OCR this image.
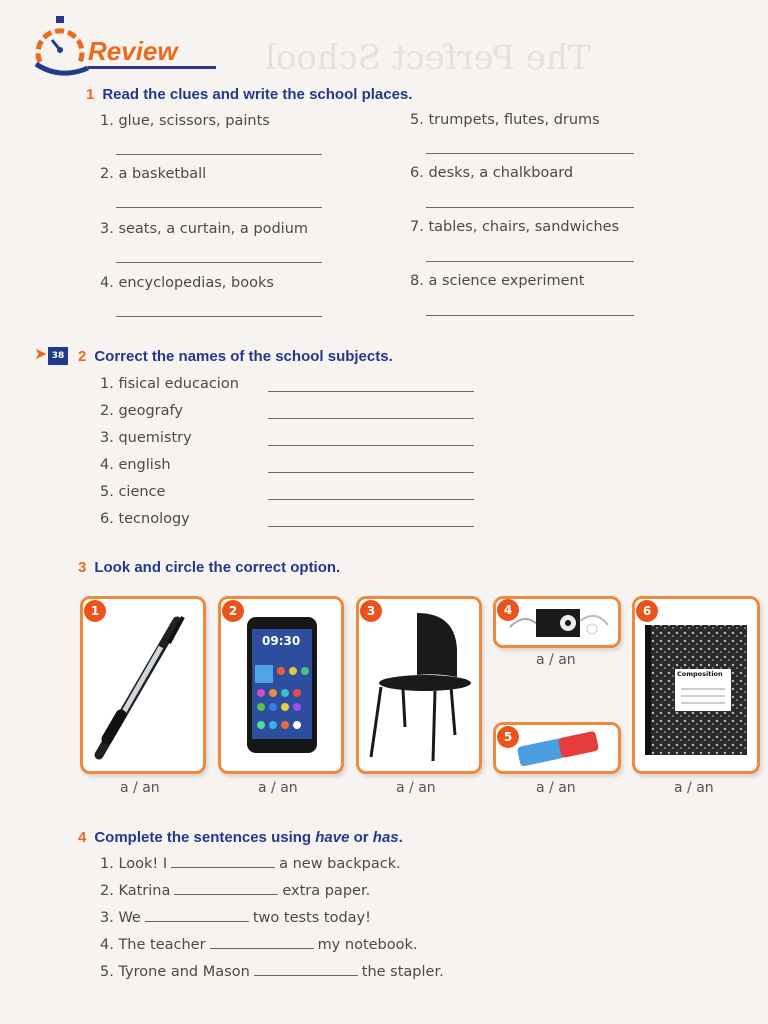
The Perfect School
Review
1 Read the clues and write the school places.
1. glue, scissors, paints
2. a basketball
3. seats, a curtain, a podium
4. encyclopedias, books
5. trumpets, flutes, drums
6. desks, a chalkboard
7. tables, chairs, sandwiches
8. a science experiment
➤ 38 2 Correct the names of the school subjects.
1. fisical educacion
2. geografy
3. quemistry
4. english
5. cience
6. tecnology
3 Look and circle the correct option.
1
a / an
09:30
2
a / an
3
a / an
4
a / an
5
a / an
Composition
6
a / an
4 Complete the sentences using have or has.
1. Look! I	a new backpack.
2. Katrina	extra paper.
3. We	two tests today!
4. The teacher	my notebook.
5. Tyrone and Mason	the stapler.
